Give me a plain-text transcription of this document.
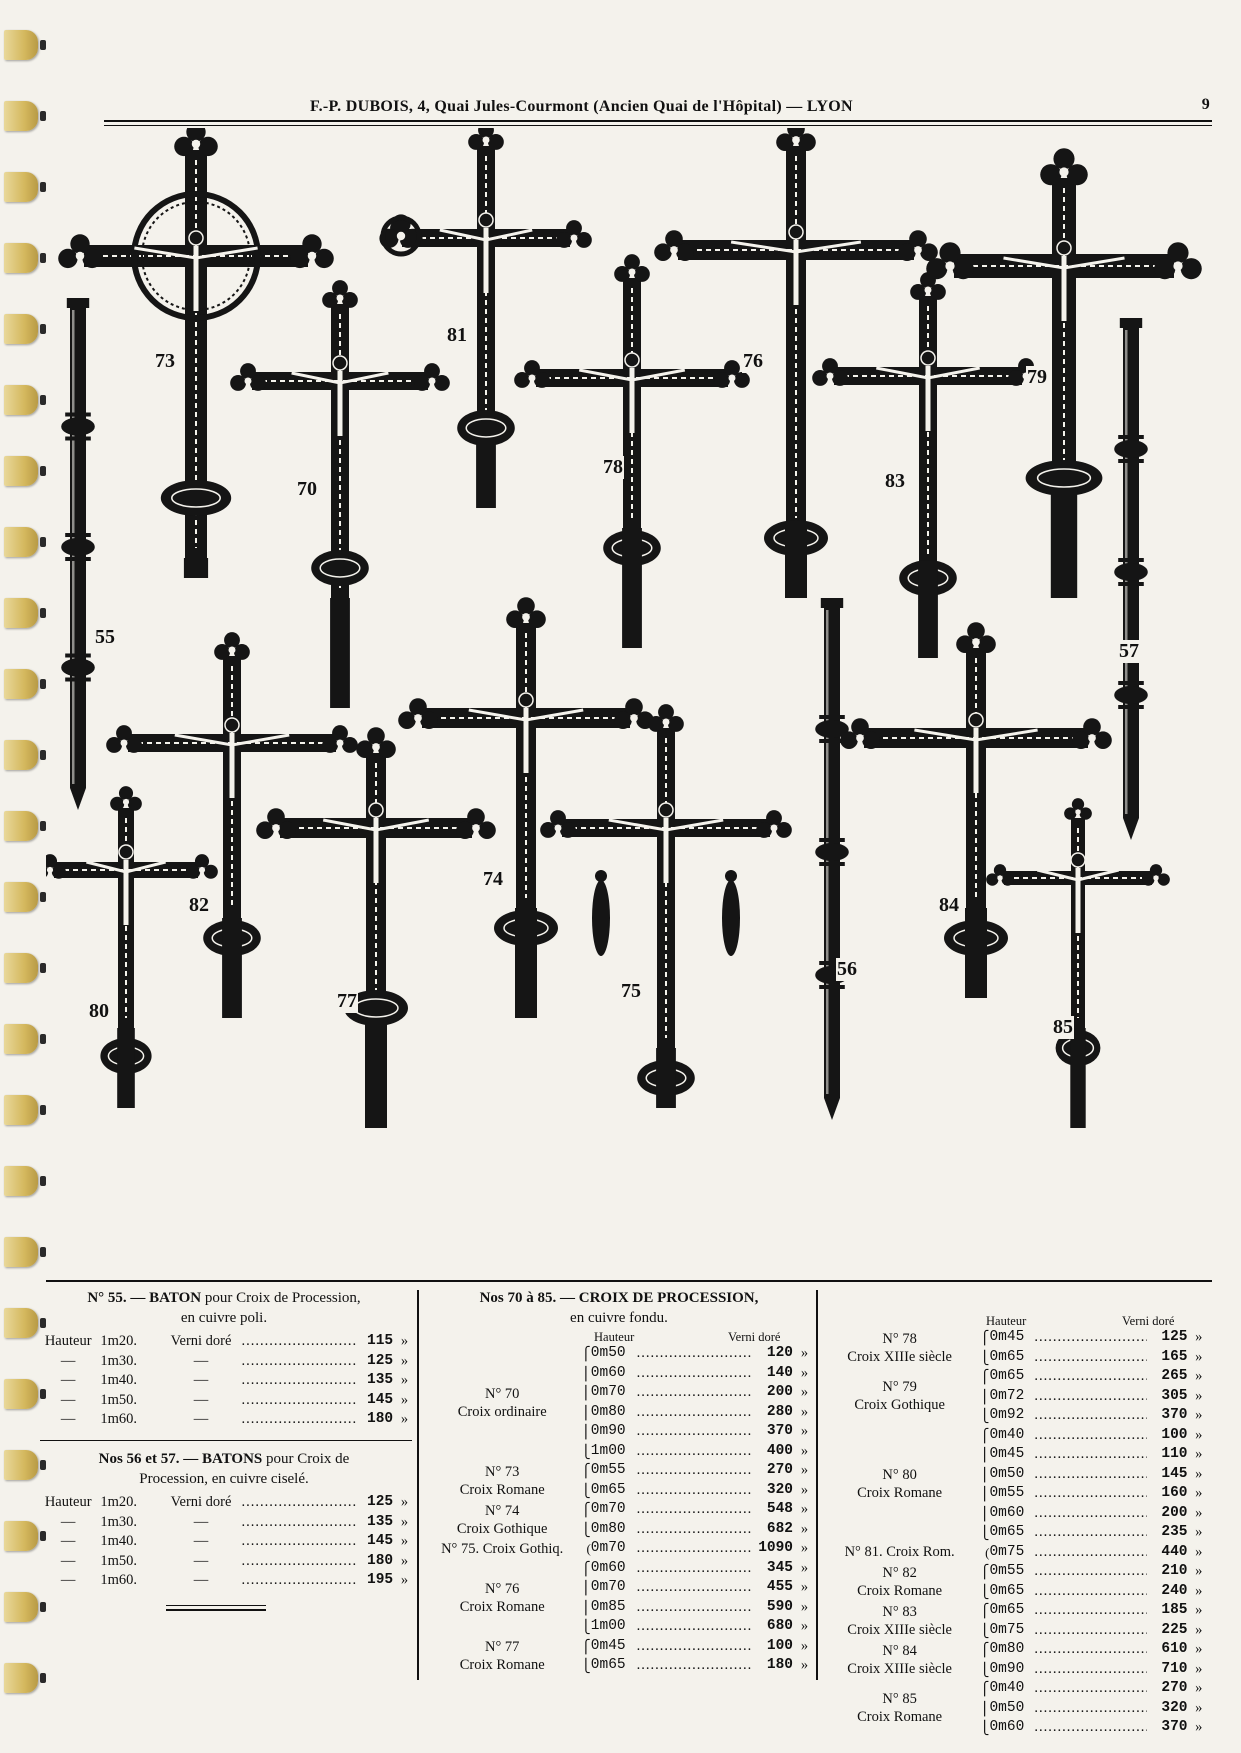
F.-P. DUBOIS, 4, Quai Jules-Courmont (Ancien Quai de l'Hôpital) — LYON	9
55
73
70
81
78
76
83
79
57
82
80	77
74
75
56
84
85
N° 55. — BATON pour Croix de Procession,
en cuivre poli.
Hauteur	1m20.	Verni doré	.....	115	»
—	1m30.	—	.....	125	»
—	1m40.	—	.....	135	»
—	1m50.	—	.....	145	»
—	1m60.	—	.....	180	»
Nos 56 et 57. — BATONS pour Croix de
Procession, en cuivre ciselé.
Hauteur	1m20.	Verni doré	.....	125	»
—	1m30.	—	.....	135	»
—	1m40.	—	.....	145	»
—	1m50.	—	.....	180	»
—	1m60.	—	.....	195	»
Nos 70 à 85. — CROIX DE PROCESSION,
en cuivre fondu.
Hauteur	Verni doré
N° 70
Croix ordinaire	⎧	0m50	.....	120	»
	⎪	0m60	.....	140	»
	⎪	0m70	.....	200	»
	⎪	0m80	.....	280	»
	⎪	0m90	.....	370	»
	⎩	1m00	.....	400	»

N° 73
Croix Romane	⎧	0m55	.....	270	»
	⎩	0m65	.....	320	»

N° 74
Croix Gothique	⎧	0m70	.....	548	»
	⎩	0m80	.....	682	»

N° 75. Croix Gothiq.	(	0m70	.....	1090	»

N° 76
Croix Romane	⎧	0m60	.....	345	»
	⎪	0m70	.....	455	»
	⎪	0m85	.....	590	»
	⎩	1m00	.....	680	»

N° 77
Croix Romane	⎧	0m45	.....	100	»
	⎩	0m65	.....	180	»
Hauteur	Verni doré
N° 78
Croix XIIIe siècle	⎧	0m45	.....	125	»
	⎩	0m65	.....	165	»

N° 79
Croix Gothique	⎧	0m65	.....	265	»
	⎪	0m72	.....	305	»
	⎩	0m92	.....	370	»

N° 80
Croix Romane	⎧	0m40	.....	100	»
	⎪	0m45	.....	110	»
	⎪	0m50	.....	145	»
	⎪	0m55	.....	160	»
	⎪	0m60	.....	200	»
	⎩	0m65	.....	235	»

N° 81. Croix Rom.	(	0m75	.....	440	»

N° 82
Croix Romane	⎧	0m55	.....	210	»
	⎩	0m65	.....	240	»

N° 83
Croix XIIIe siècle	⎧	0m65	.....	185	»
	⎩	0m75	.....	225	»

N° 84
Croix XIIIe siècle	⎧	0m80	.....	610	»
	⎩	0m90	.....	710	»

N° 85
Croix Romane	⎧	0m40	.....	270	»
	⎪	0m50	.....	320	»
	⎩	0m60	.....	370	»
